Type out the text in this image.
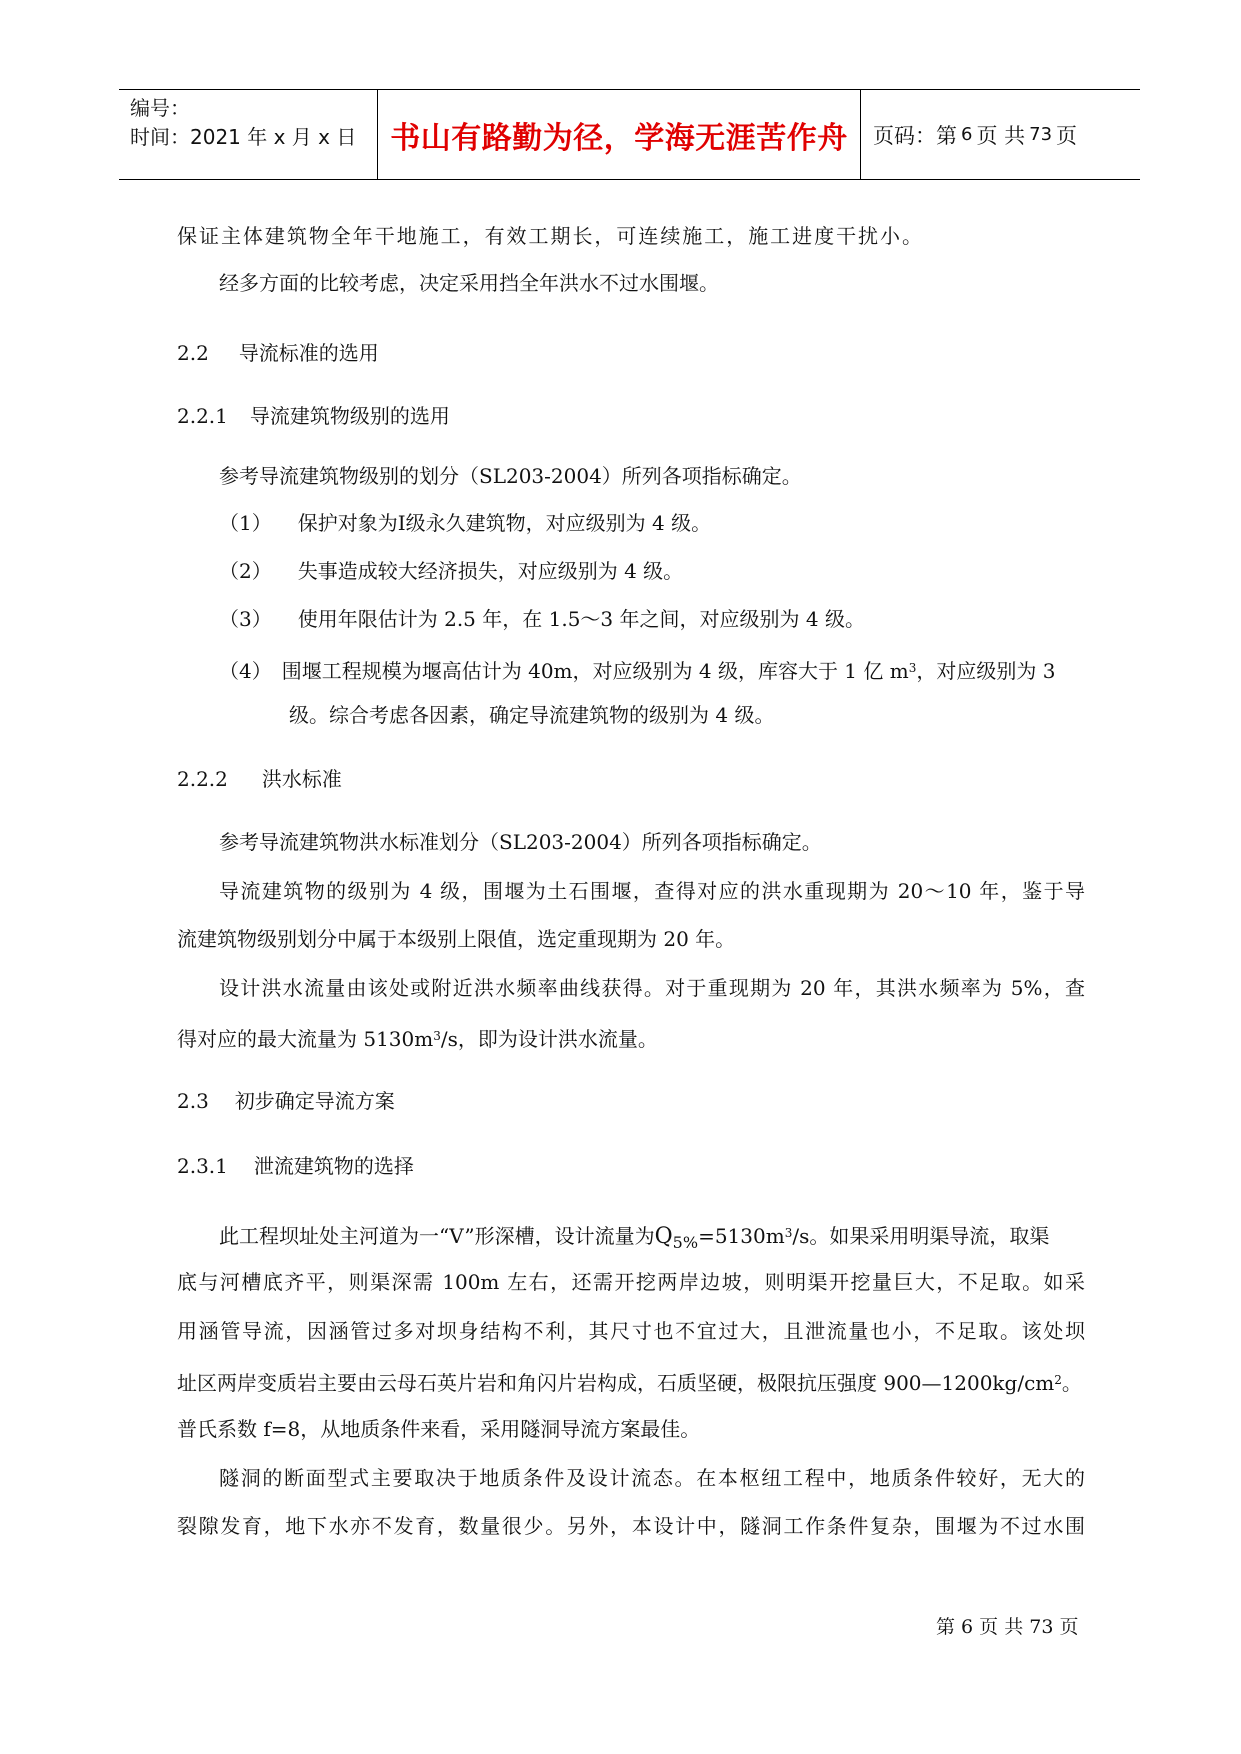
编号：
时间：2021 年 x 月 x 日	书山有路勤为径，学海无涯苦作舟	页码：第 6 页 共 73 页
保证主体建筑物全年干地施工，有效工期长，可连续施工，施工进度干扰小。
经多方面的比较考虑，决定采用挡全年洪水不过水围堰。
2.2 导流标准的选用
2.2.1 导流建筑物级别的选用
参考导流建筑物级别的划分（SL203-2004）所列各项指标确定。
（1） 保护对象为Ⅰ级永久建筑物，对应级别为 4 级。
（2） 失事造成较大经济损失，对应级别为 4 级。
（3） 使用年限估计为 2.5 年，在 1.5～3 年之间，对应级别为 4 级。
（4） 围堰工程规模为堰高估计为 40m，对应级别为 4 级，库容大于 1 亿 $m^3$，对应级别为 3
级。综合考虑各因素，确定导流建筑物的级别为 4 级。
2.2.2 洪水标准
参考导流建筑物洪水标准划分（SL203-2004）所列各项指标确定。
导流建筑物的级别为 4 级，围堰为土石围堰，查得对应的洪水重现期为 20～10 年，鉴于导
流建筑物级别划分中属于本级别上限值，选定重现期为 20 年。
设计洪水流量由该处或附近洪水频率曲线获得。对于重现期为 20 年，其洪水频率为 5%，查
得对应的最大流量为 $5130m^3/s$，即为设计洪水流量。
2.3 初步确定导流方案
2.3.1 泄流建筑物的选择
此工程坝址处主河道为一“V”形深槽，设计流量为$Q_{5\%}=5130m^3/s$。如果采用明渠导流，取渠
底与河槽底齐平，则渠深需 100m 左右，还需开挖两岸边坡，则明渠开挖量巨大，不足取。如采
用涵管导流，因涵管过多对坝身结构不利，其尺寸也不宜过大，且泄流量也小，不足取。该处坝
址区两岸变质岩主要由云母石英片岩和角闪片岩构成，石质坚硬，极限抗压强度 $900—1200kg/cm^2$。
普氏系数 f=8，从地质条件来看，采用隧洞导流方案最佳。
隧洞的断面型式主要取决于地质条件及设计流态。在本枢纽工程中，地质条件较好，无大的
裂隙发育，地下水亦不发育，数量很少。另外，本设计中，隧洞工作条件复杂，围堰为不过水围
第 6 页 共 73 页
